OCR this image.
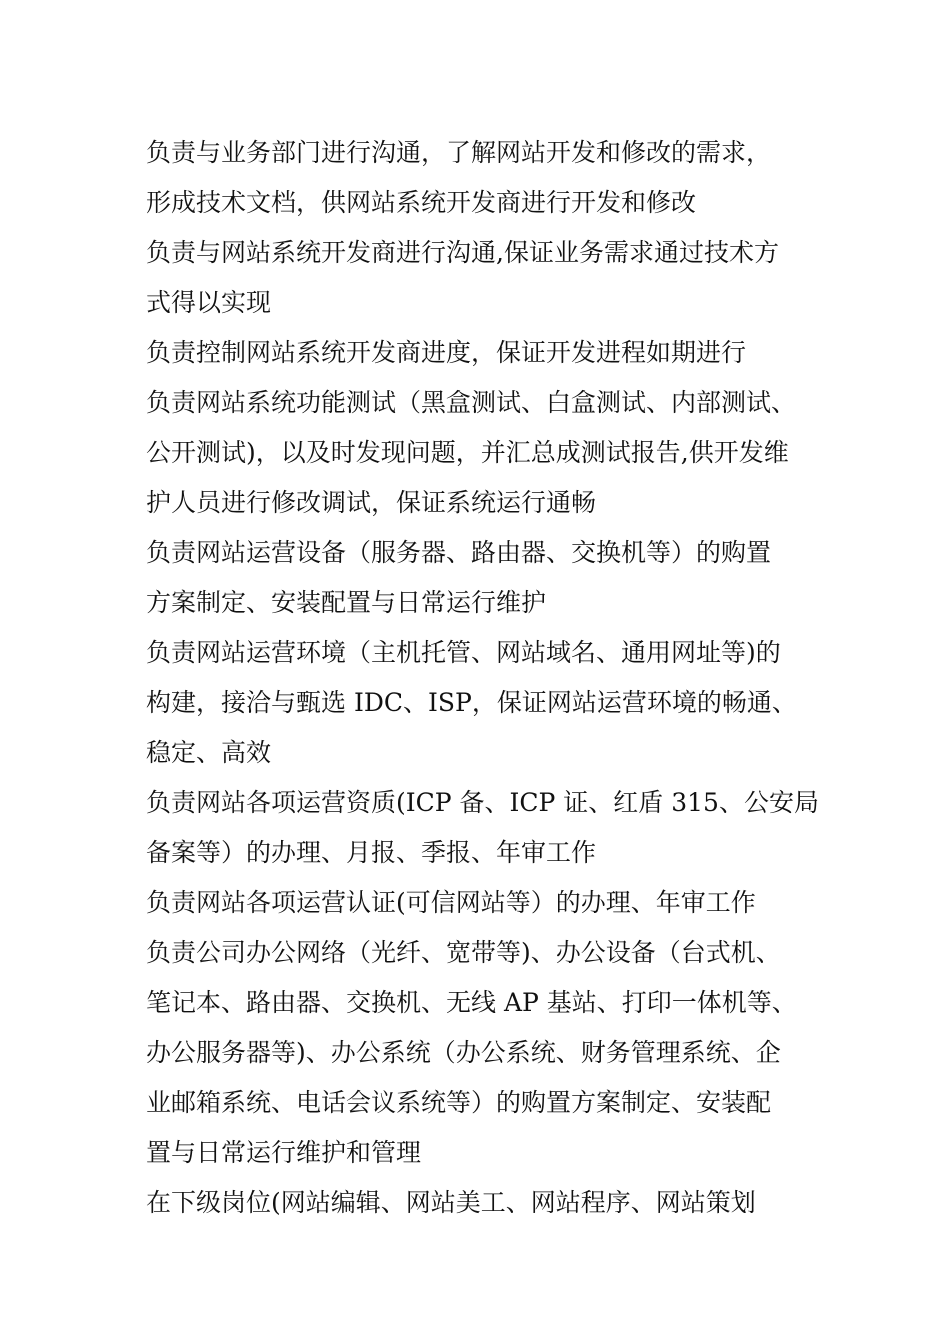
负责与业务部门进行沟通，了解网站开发和修改的需求，
形成技术文档，供网站系统开发商进行开发和修改
负责与网站系统开发商进行沟通,保证业务需求通过技术方
式得以实现
负责控制网站系统开发商进度，保证开发进程如期进行
负责网站系统功能测试（黑盒测试、白盒测试、内部测试、
公开测试)，以及时发现问题，并汇总成测试报告,供开发维
护人员进行修改调试，保证系统运行通畅
负责网站运营设备（服务器、路由器、交换机等）的购置
方案制定、安装配置与日常运行维护
负责网站运营环境（主机托管、网站域名、通用网址等)的
构建，接洽与甄选 IDC、ISP，保证网站运营环境的畅通、
稳定、高效
负责网站各项运营资质(ICP 备、ICP 证、红盾 315、公安局
备案等）的办理、月报、季报、年审工作
负责网站各项运营认证(可信网站等）的办理、年审工作
负责公司办公网络（光纤、宽带等)、办公设备（台式机、
笔记本、路由器、交换机、无线 AP 基站、打印一体机等、
办公服务器等)、办公系统（办公系统、财务管理系统、企
业邮箱系统、电话会议系统等）的购置方案制定、安装配
置与日常运行维护和管理
在下级岗位(网站编辑、网站美工、网站程序、网站策划
